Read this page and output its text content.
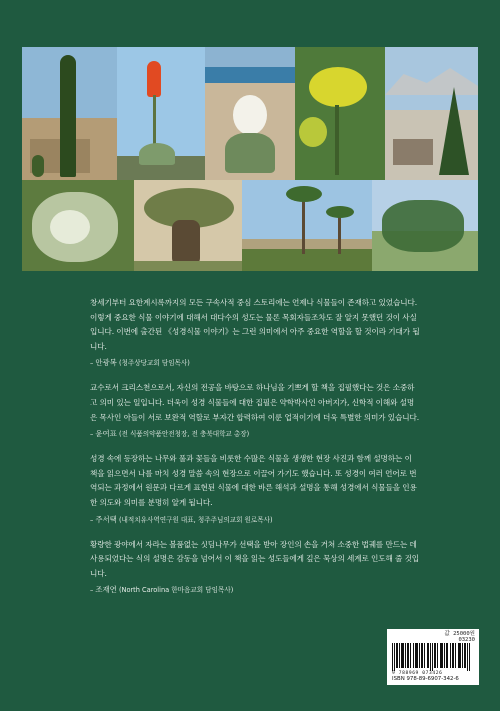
창세기부터 요한계시록까지의 모든 구속사적 중심 스토리에는 언제나 식물들이 존재하고 있었습니다. 이렇게 중요한 식물 이야기에 대해서 대다수의 성도는 물론 목회자들조차도 잘 알지 못했던 것이 사실입니다. 이번에 출간된 《성경식물 이야기》는 그런 의미에서 아주 중요한 역할을 할 것이라 기대가 됩니다.

– 안광복 (청주상당교회 담임목사)

교수로서 크리스천으로서, 자신의 전공을 바탕으로 하나님을 기쁘게 할 책을 집필했다는 것은 소중하고 의미 있는 일입니다. 더욱이 성경 식물들에 대한 집필은 약학박사인 아버지가, 신학적 이해와 설명은 목사인 아들이 서로 보완적 역할로 부자간 합력하여 이룬 업적이기에 더욱 특별한 의미가 있습니다.

– 윤여표 (전 식품의약품안전청장, 전 충북대학교 총장)

성경 속에 등장하는 나무와 풀과 꽃들을 비롯한 수많은 식물을 생생한 현장 사진과 함께 설명하는 이 책을 읽으면서 나를 마치 성경 말씀 속의 현장으로 이끌어 가기도 했습니다. 또 성경이 여러 언어로 번역되는 과정에서 원문과 다르게 표현된 식물에 대한 바른 해석과 설명을 통해 성경에서 식물들을 인용한 의도와 의미를 분명히 알게 됩니다.

– 주서택 (내적치유사역연구원 대표, 청주주님의교회 원로목사)

황량한 광야에서 자라는 볼품없는 싯딤나무가 선택을 받아 장인의 손을 거쳐 소중한 법궤를 만드는 데 사용되었다는 식의 설명은 감동을 넘어서 이 책을 읽는 성도들에게 깊은 묵상의 세계로 인도해 줄 것입니다.

– 조재연 (North Carolina 한마음교회 담임목사)
값 25000원
03230
9 788969 073426
ISBN 978-89-6907-342-6
